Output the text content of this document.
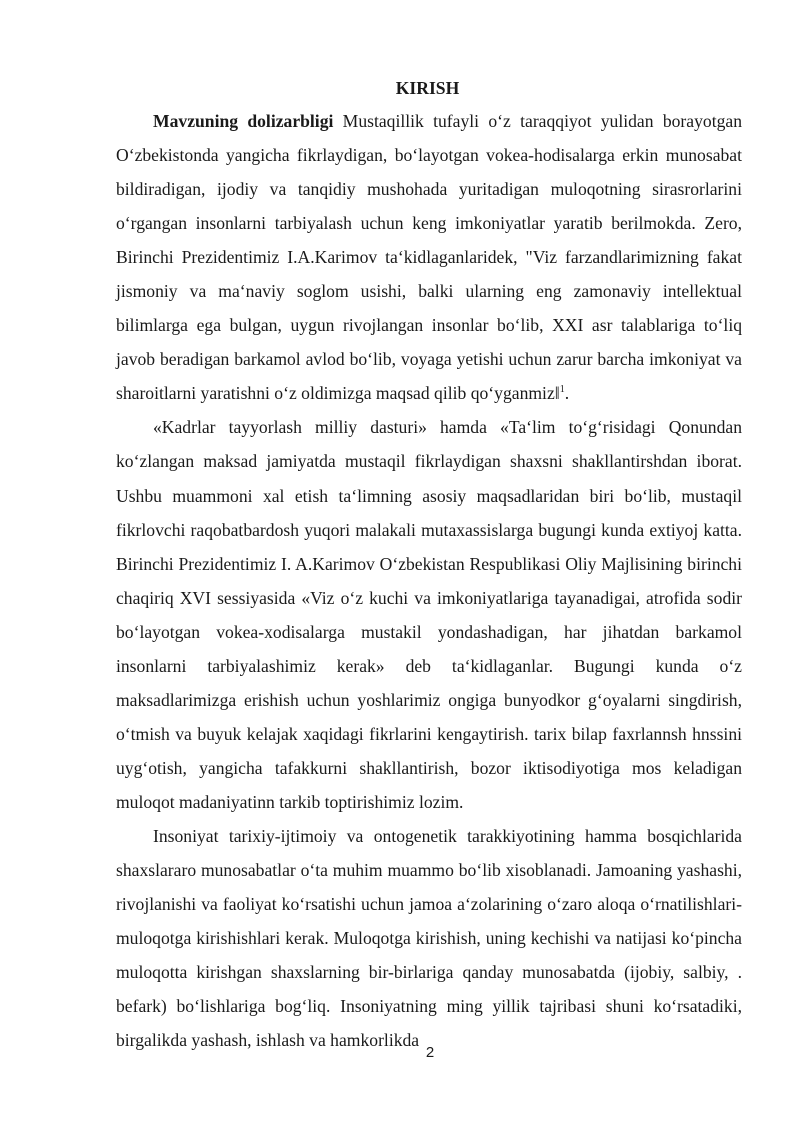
KIRISH

Mavzuning dolizarbligi Mustaqillik tufayli o‘z taraqqiyot yulidan borayotgan O‘zbekistonda yangicha fikrlaydigan, bo‘layotgan vokea-hodisalarga erkin munosabat bildiradigan, ijodiy va tanqidiy mushohada yuritadigan muloqotning sirasrorlarini o‘rgangan insonlarni tarbiyalash uchun keng imkoniyatlar yaratib berilmokda. Zero, Birinchi Prezidentimiz I.A.Karimov ta‘kidlaganlaridek, "Viz farzandlarimizning fakat jismoniy va ma‘naviy soglom usishi, balki ularning eng zamonaviy intellektual bilimlarga ega bulgan, uygun rivojlangan insonlar bo‘lib, XXI asr talablariga to‘liq javob beradigan barkamol avlod bo‘lib, voyaga yetishi uchun zarur barcha imkoniyat va sharoitlarni yaratishni o‘z oldimizga maqsad qilib qo‘yganmiz‖$^1$.

«Kadrlar tayyorlash milliy dasturi» hamda «Ta‘lim to‘g‘risidagi Qonundan ko‘zlangan maksad jamiyatda mustaqil fikrlaydigan shaxsni shakllantirshdan iborat. Ushbu muammoni xal etish ta‘limning asosiy maqsadlaridan biri bo‘lib, mustaqil fikrlovchi raqobatbardosh yuqori malakali mutaxassislarga bugungi kunda extiyoj katta. Birinchi Prezidentimiz I. A.Karimov O‘zbekistan Respublikasi Oliy Majlisining birinchi chaqiriq XVI sessiyasida «Viz o‘z kuchi va imkoniyatlariga tayanadigai, atrofida sodir bo‘layotgan vokea-xodisalarga mustakil yondashadigan, har jihatdan barkamol insonlarni tarbiyalashimiz kerak» deb ta‘kidlaganlar. Bugungi kunda o‘z maksadlarimizga erishish uchun yoshlarimiz ongiga bunyodkor g‘oyalarni singdirish, o‘tmish va buyuk kelajak xaqidagi fikrlarini kengaytirish. tarix bilap faxrlannsh hnssini uyg‘otish, yangicha tafakkurni shakllantirish, bozor iktisodiyotiga mos keladigan muloqot madaniyatinn tarkib toptirishimiz lozim.

Insoniyat tarixiy-ijtimoiy va ontogenetik tarakkiyotining hamma bosqichlarida shaxslararo munosabatlar o‘ta muhim muammo bo‘lib xisoblanadi. Jamoaning yashashi, rivojlanishi va faoliyat ko‘rsatishi uchun jamoa a‘zolarining o‘zaro aloqa o‘rnatilishlari-muloqotga kirishishlari kerak. Muloqotga kirishish, uning kechishi va natijasi ko‘pincha muloqotta kirishgan shaxslarning bir-birlariga qanday munosabatda (ijobiy, salbiy, . befark) bo‘lishlariga bog‘liq. Insoniyatning ming yillik tajribasi shuni ko‘rsatadiki, birgalikda yashash, ishlash va hamkorlikda

2
